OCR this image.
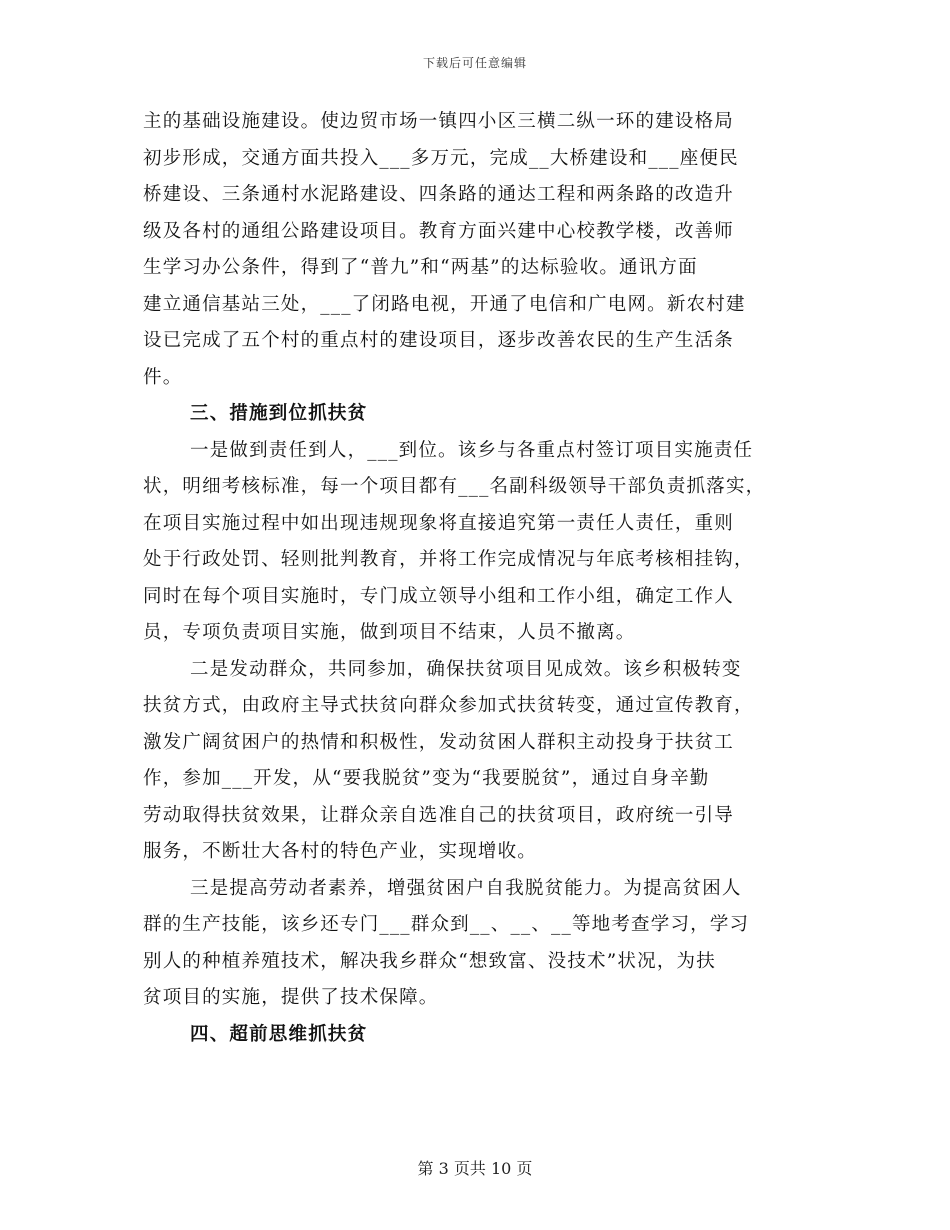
下载后可任意编辑

主的基础设施建设。使边贸市场一镇四小区三横二纵一环的建设格局
初步形成，交通方面共投入___多万元，完成__大桥建设和___座便民
桥建设、三条通村水泥路建设、四条路的通达工程和两条路的改造升
级及各村的通组公路建设项目。教育方面兴建中心校教学楼，改善师
生学习办公条件，得到了“普九”和“两基”的达标验收。通讯方面
建立通信基站三处，___了闭路电视，开通了电信和广电网。新农村建
设已完成了五个村的重点村的建设项目，逐步改善农民的生产生活条
件。

三、措施到位抓扶贫

一是做到责任到人，___到位。该乡与各重点村签订项目实施责任
状，明细考核标准，每一个项目都有___名副科级领导干部负责抓落实，
在项目实施过程中如出现违规现象将直接追究第一责任人责任，重则
处于行政处罚、轻则批判教育，并将工作完成情况与年底考核相挂钩，
同时在每个项目实施时，专门成立领导小组和工作小组，确定工作人
员，专项负责项目实施，做到项目不结束，人员不撤离。

二是发动群众，共同参加，确保扶贫项目见成效。该乡积极转变
扶贫方式，由政府主导式扶贫向群众参加式扶贫转变，通过宣传教育，
激发广阔贫困户的热情和积极性，发动贫困人群积主动投身于扶贫工
作，参加___开发，从“要我脱贫”变为“我要脱贫”，通过自身辛勤
劳动取得扶贫效果，让群众亲自选准自己的扶贫项目，政府统一引导
服务，不断壮大各村的特色产业，实现增收。

三是提高劳动者素养，增强贫困户自我脱贫能力。为提高贫困人
群的生产技能，该乡还专门___群众到__、__、__等地考查学习，学习
别人的种植养殖技术，解决我乡群众“想致富、没技术”状况，为扶
贫项目的实施，提供了技术保障。

四、超前思维抓扶贫
第 3 页共 10 页
